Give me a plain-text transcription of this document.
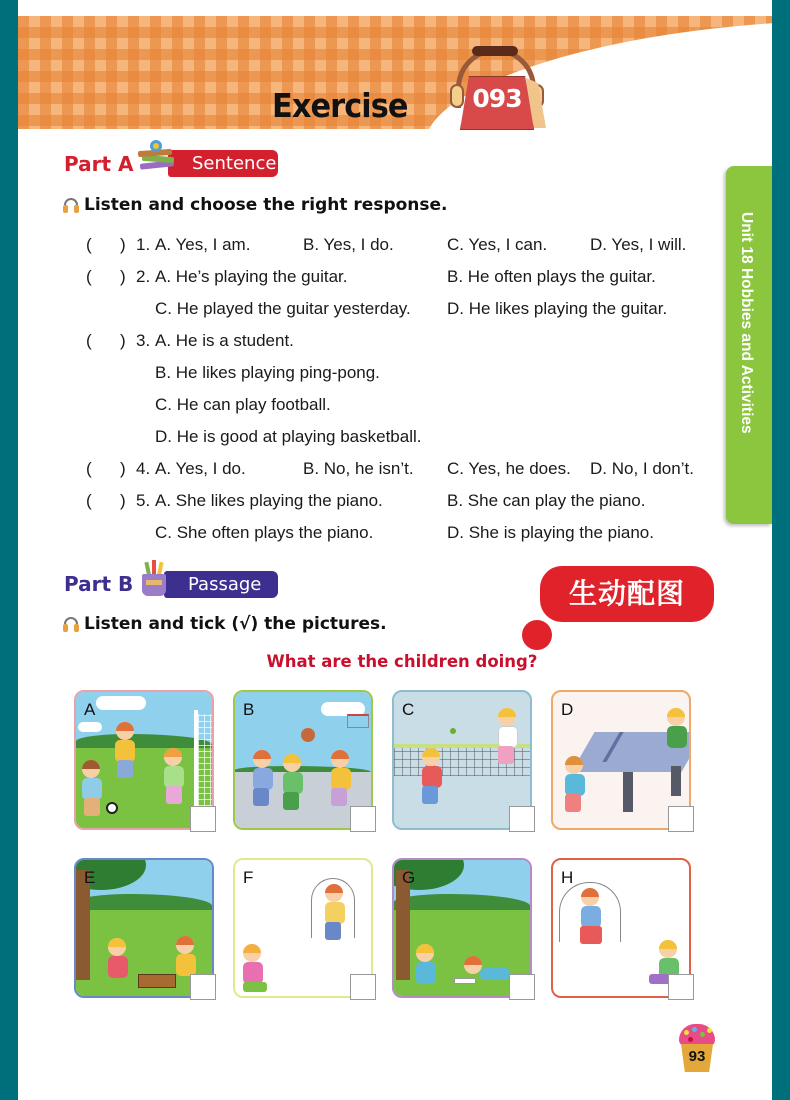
Exercise	093
Unit 18 Hobbies and Activities
Part A	Sentence
Listen and choose the right response.
(      ) 1. A. Yes, I am.	B. Yes, I do.	C. Yes, I can.	D. Yes, I will.
(      ) 2. A. He’s playing the guitar.	B. He often plays the guitar.
C. He played the guitar yesterday. D. He likes playing the guitar.
(      ) 3. A. He is a student.
B. He likes playing ping-pong.
C. He can play football.
D. He is good at playing basketball.
(      ) 4. A. Yes, I do.	B. No, he isn’t. C. Yes, he does. D. No, I don’t.
(      ) 5. A. She likes playing the piano.	B. She can play the piano.
C. She often plays the piano.	D. She is playing the piano.
Part B	Passage
Listen and tick (√) the pictures.
生动配图
What are the children doing?
A	B	C	D
E	F	G	H
93
